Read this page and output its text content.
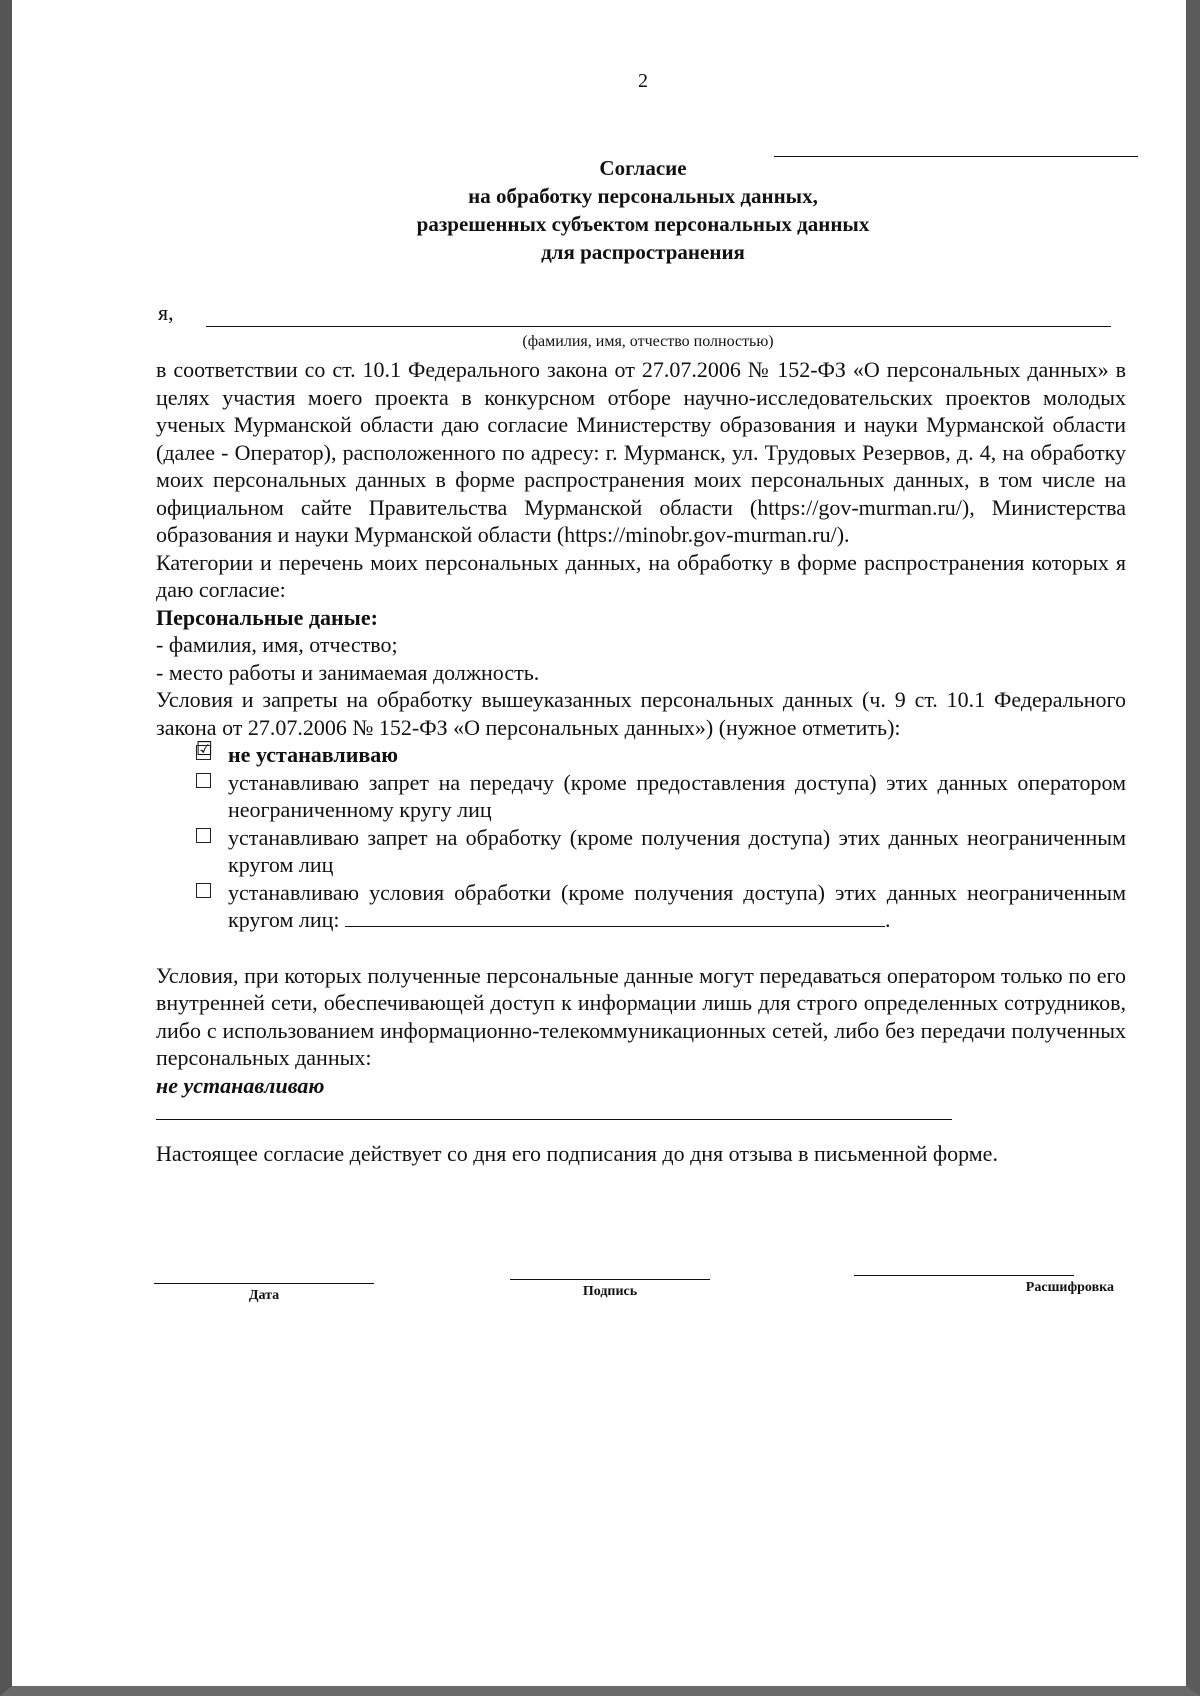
2
Согласие
на обработку персональных данных,
разрешенных субъектом персональных данных
для распространения
я,
(фамилия, имя, отчество полностью)

в соответствии со ст. 10.1 Федерального закона от 27.07.2006 № 152-ФЗ «О персональных данных» в целях участия моего проекта в конкурсном отборе научно-исследовательских проектов молодых ученых Мурманской области даю согласие Министерству образования и науки Мурманской области (далее - Оператор), расположенного по адресу: г. Мурманск, ул. Трудовых Резервов, д. 4, на обработку моих персональных данных в форме распространения моих персональных данных, в том числе на официальном сайте Правительства Мурманской области (https://gov-murman.ru/), Министерства образования и науки Мурманской области (https://minobr.gov-murman.ru/).

Категории и перечень моих персональных данных, на обработку в форме распространения которых я даю согласие:

Персональные даные:

- фамилия, имя, отчество;

- место работы и занимаемая должность.

Условия и запреты на обработку вышеуказанных персональных данных (ч. 9 ст. 10.1 Федерального закона от 27.07.2006 № 152-ФЗ «О персональных данных») (нужное отметить):

☑ не устанавливаю

устанавливаю запрет на передачу (кроме предоставления доступа) этих данных оператором неограниченному кругу лиц

устанавливаю запрет на обработку (кроме получения доступа) этих данных неограниченным кругом лиц

устанавливаю условия обработки (кроме получения доступа) этих данных неограниченным кругом лиц:	.

Условия, при которых полученные персональные данные могут передаваться оператором только по его внутренней сети, обеспечивающей доступ к информации лишь для строго определенных сотрудников, либо с использованием информационно-телекоммуникационных сетей, либо без передачи полученных персональных данных:

не устанавливаю

Настоящее согласие действует со дня его подписания до дня отзыва в письменной форме.

Дата	Подпись	Расшифровка
